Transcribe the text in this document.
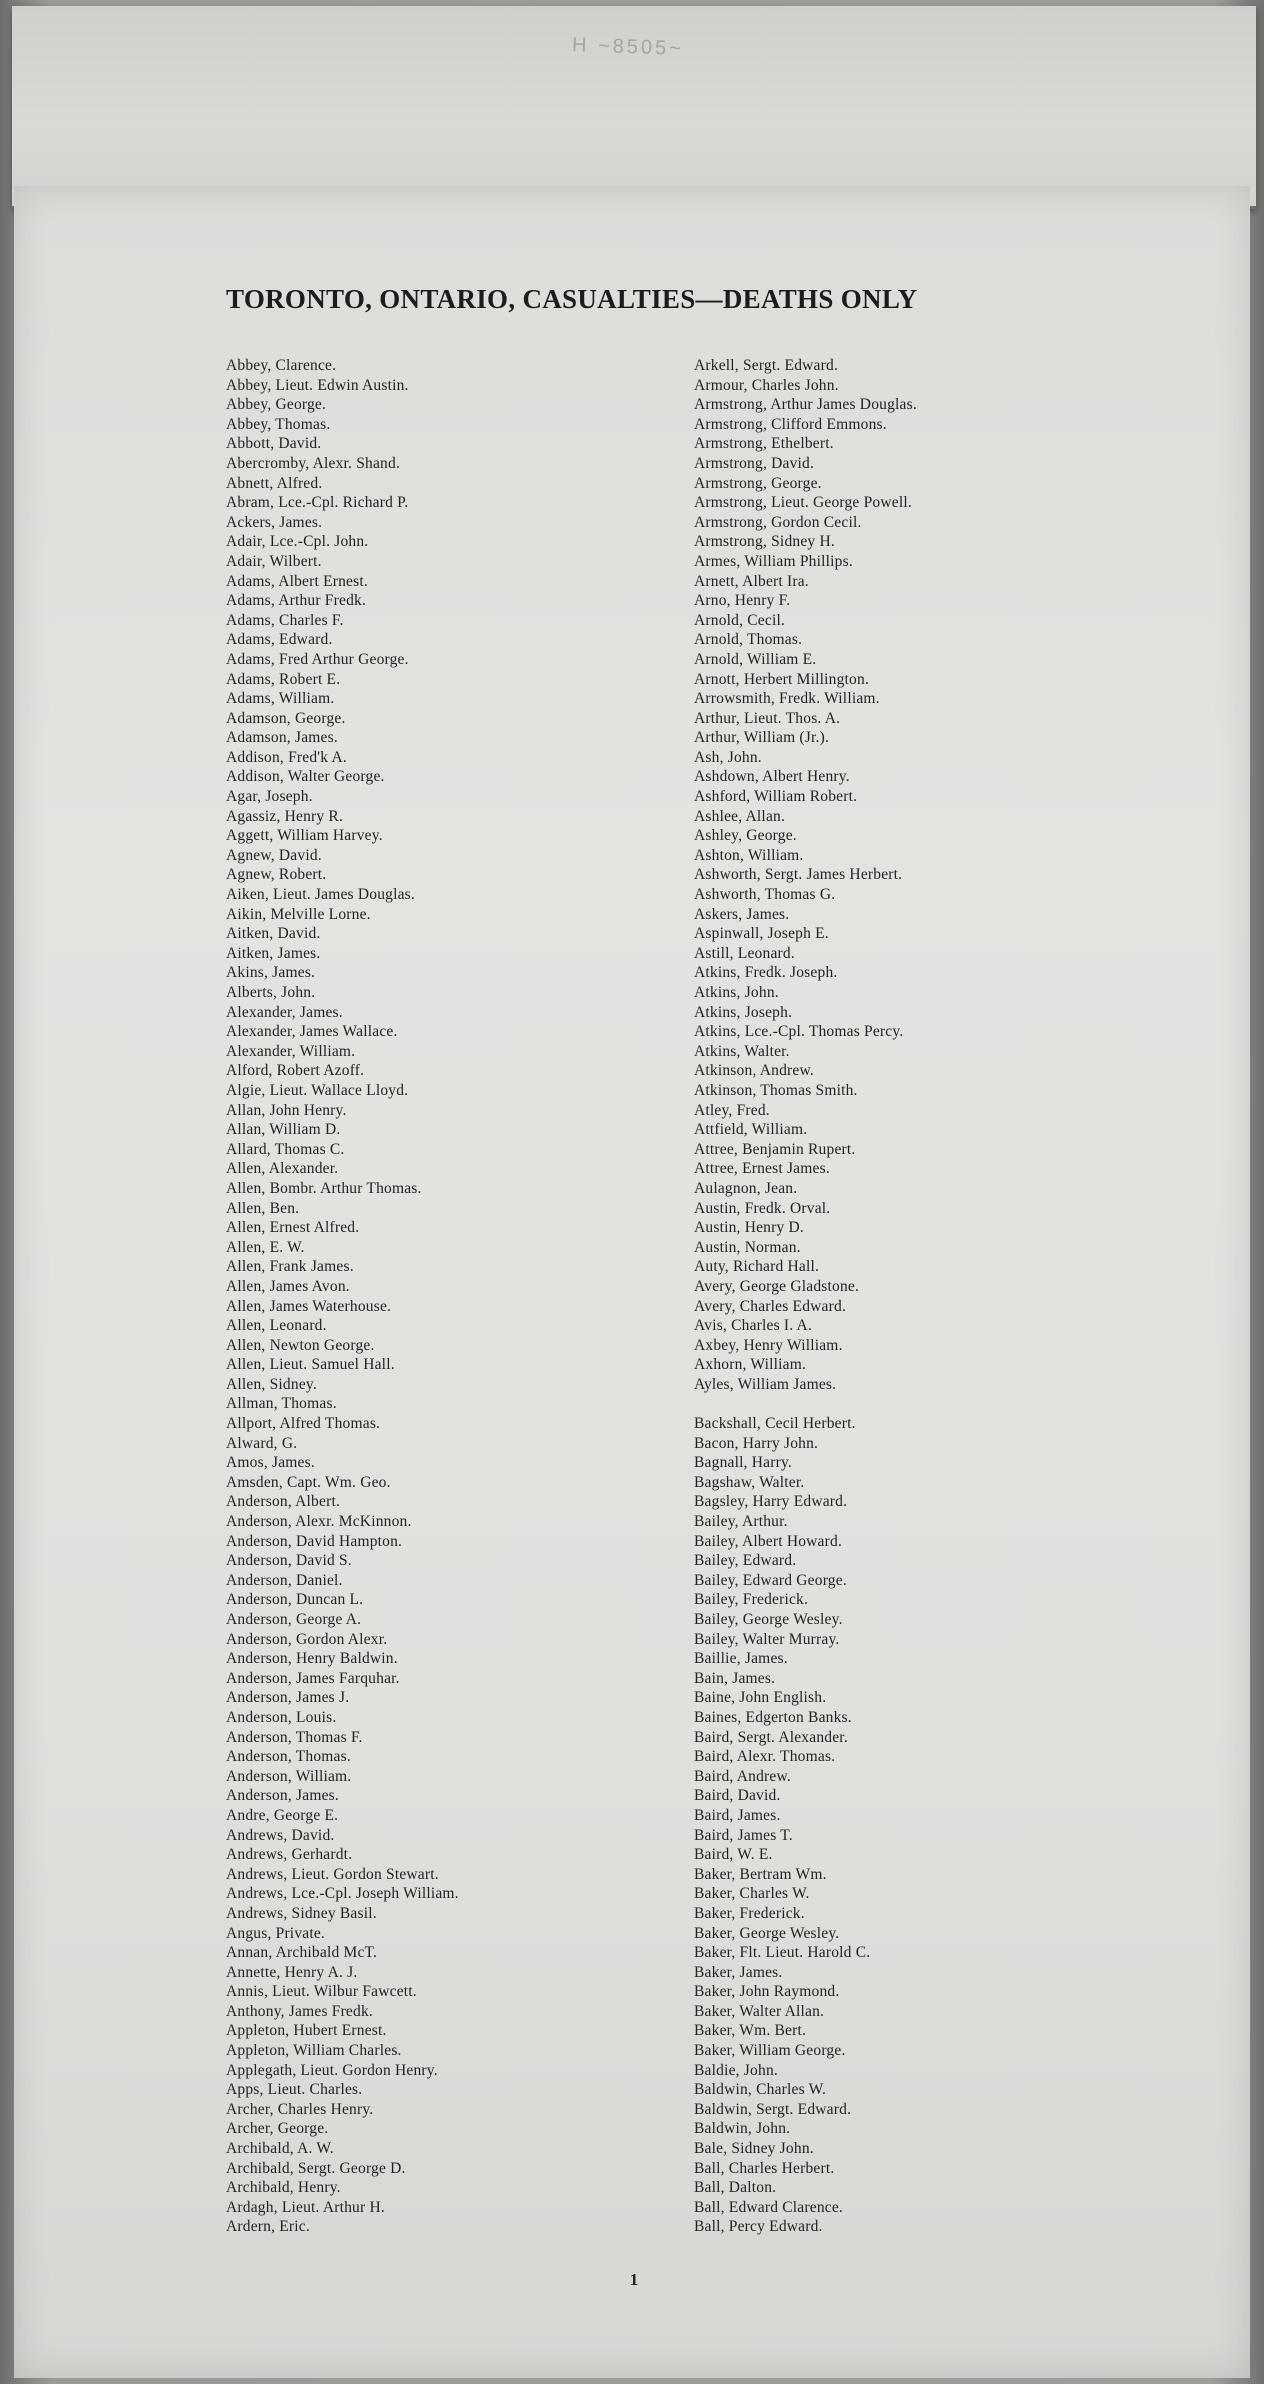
H ~8505~
TORONTO, ONTARIO, CASUALTIES—DEATHS ONLY
Abbey, Clarence.
Abbey, Lieut. Edwin Austin.
Abbey, George.
Abbey, Thomas.
Abbott, David.
Abercromby, Alexr. Shand.
Abnett, Alfred.
Abram, Lce.-Cpl. Richard P.
Ackers, James.
Adair, Lce.-Cpl. John.
Adair, Wilbert.
Adams, Albert Ernest.
Adams, Arthur Fredk.
Adams, Charles F.
Adams, Edward.
Adams, Fred Arthur George.
Adams, Robert E.
Adams, William.
Adamson, George.
Adamson, James.
Addison, Fred'k A.
Addison, Walter George.
Agar, Joseph.
Agassiz, Henry R.
Aggett, William Harvey.
Agnew, David.
Agnew, Robert.
Aiken, Lieut. James Douglas.
Aikin, Melville Lorne.
Aitken, David.
Aitken, James.
Akins, James.
Alberts, John.
Alexander, James.
Alexander, James Wallace.
Alexander, William.
Alford, Robert Azoff.
Algie, Lieut. Wallace Lloyd.
Allan, John Henry.
Allan, William D.
Allard, Thomas C.
Allen, Alexander.
Allen, Bombr. Arthur Thomas.
Allen, Ben.
Allen, Ernest Alfred.
Allen, E. W.
Allen, Frank James.
Allen, James Avon.
Allen, James Waterhouse.
Allen, Leonard.
Allen, Newton George.
Allen, Lieut. Samuel Hall.
Allen, Sidney.
Allman, Thomas.
Allport, Alfred Thomas.
Alward, G.
Amos, James.
Amsden, Capt. Wm. Geo.
Anderson, Albert.
Anderson, Alexr. McKinnon.
Anderson, David Hampton.
Anderson, David S.
Anderson, Daniel.
Anderson, Duncan L.
Anderson, George A.
Anderson, Gordon Alexr.
Anderson, Henry Baldwin.
Anderson, James Farquhar.
Anderson, James J.
Anderson, Louis.
Anderson, Thomas F.
Anderson, Thomas.
Anderson, William.
Anderson, James.
Andre, George E.
Andrews, David.
Andrews, Gerhardt.
Andrews, Lieut. Gordon Stewart.
Andrews, Lce.-Cpl. Joseph William.
Andrews, Sidney Basil.
Angus, Private.
Annan, Archibald McT.
Annette, Henry A. J.
Annis, Lieut. Wilbur Fawcett.
Anthony, James Fredk.
Appleton, Hubert Ernest.
Appleton, William Charles.
Applegath, Lieut. Gordon Henry.
Apps, Lieut. Charles.
Archer, Charles Henry.
Archer, George.
Archibald, A. W.
Archibald, Sergt. George D.
Archibald, Henry.
Ardagh, Lieut. Arthur H.
Ardern, Eric.
Arkell, Sergt. Edward.
Armour, Charles John.
Armstrong, Arthur James Douglas.
Armstrong, Clifford Emmons.
Armstrong, Ethelbert.
Armstrong, David.
Armstrong, George.
Armstrong, Lieut. George Powell.
Armstrong, Gordon Cecil.
Armstrong, Sidney H.
Armes, William Phillips.
Arnett, Albert Ira.
Arno, Henry F.
Arnold, Cecil.
Arnold, Thomas.
Arnold, William E.
Arnott, Herbert Millington.
Arrowsmith, Fredk. William.
Arthur, Lieut. Thos. A.
Arthur, William (Jr.).
Ash, John.
Ashdown, Albert Henry.
Ashford, William Robert.
Ashlee, Allan.
Ashley, George.
Ashton, William.
Ashworth, Sergt. James Herbert.
Ashworth, Thomas G.
Askers, James.
Aspinwall, Joseph E.
Astill, Leonard.
Atkins, Fredk. Joseph.
Atkins, John.
Atkins, Joseph.
Atkins, Lce.-Cpl. Thomas Percy.
Atkins, Walter.
Atkinson, Andrew.
Atkinson, Thomas Smith.
Atley, Fred.
Attfield, William.
Attree, Benjamin Rupert.
Attree, Ernest James.
Aulagnon, Jean.
Austin, Fredk. Orval.
Austin, Henry D.
Austin, Norman.
Auty, Richard Hall.
Avery, George Gladstone.
Avery, Charles Edward.
Avis, Charles I. A.
Axbey, Henry William.
Axhorn, William.
Ayles, William James.
Backshall, Cecil Herbert.
Bacon, Harry John.
Bagnall, Harry.
Bagshaw, Walter.
Bagsley, Harry Edward.
Bailey, Arthur.
Bailey, Albert Howard.
Bailey, Edward.
Bailey, Edward George.
Bailey, Frederick.
Bailey, George Wesley.
Bailey, Walter Murray.
Baillie, James.
Bain, James.
Baine, John English.
Baines, Edgerton Banks.
Baird, Sergt. Alexander.
Baird, Alexr. Thomas.
Baird, Andrew.
Baird, David.
Baird, James.
Baird, James T.
Baird, W. E.
Baker, Bertram Wm.
Baker, Charles W.
Baker, Frederick.
Baker, George Wesley.
Baker, Flt. Lieut. Harold C.
Baker, James.
Baker, John Raymond.
Baker, Walter Allan.
Baker, Wm. Bert.
Baker, William George.
Baldie, John.
Baldwin, Charles W.
Baldwin, Sergt. Edward.
Baldwin, John.
Bale, Sidney John.
Ball, Charles Herbert.
Ball, Dalton.
Ball, Edward Clarence.
Ball, Percy Edward.
1
